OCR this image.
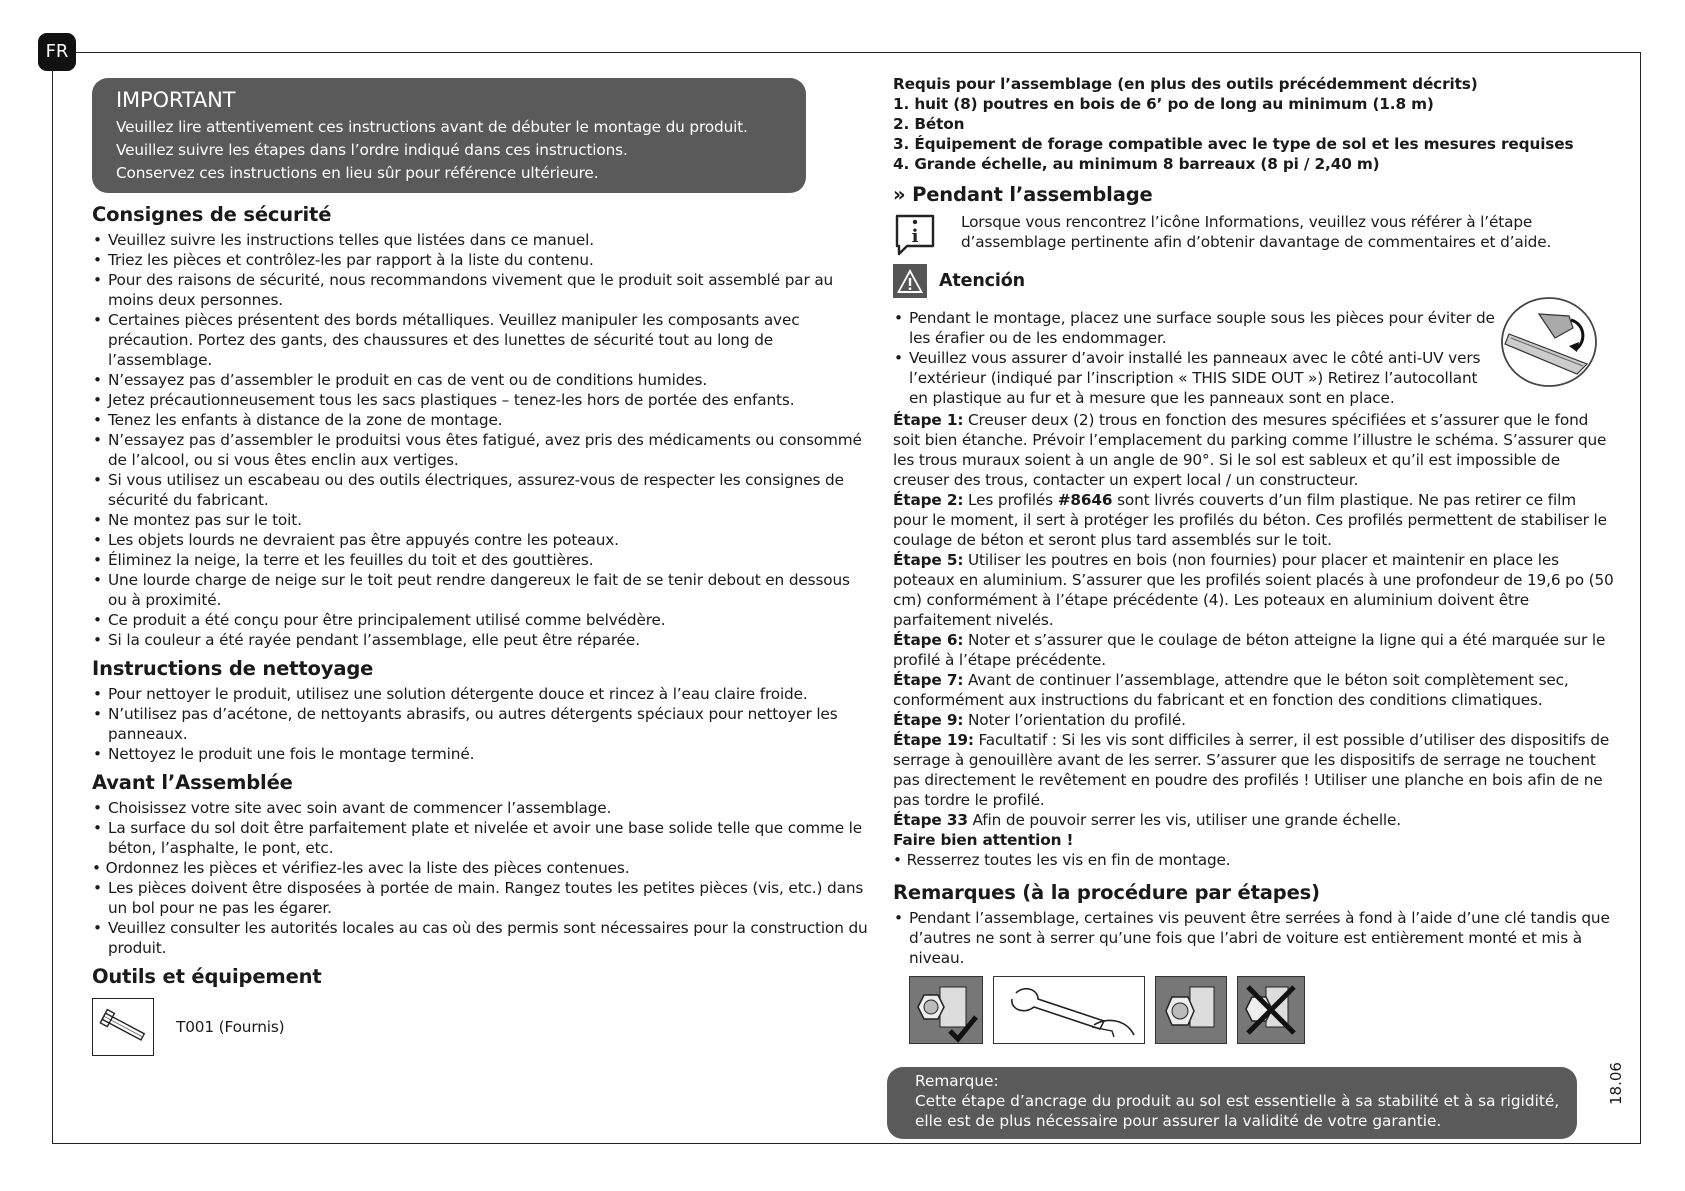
FR
IMPORTANT
Veuillez lire attentivement ces instructions avant de débuter le montage du produit.
Veuillez suivre les étapes dans l’ordre indiqué dans ces instructions.
Conservez ces instructions en lieu sûr pour référence ultérieure.
Consignes de sécurité
• Veuillez suivre les instructions telles que listées dans ce manuel.
• Triez les pièces et contrôlez-les par rapport à la liste du contenu.
• Pour des raisons de sécurité, nous recommandons vivement que le produit soit assemblé par au moins deux personnes.
• Certaines pièces présentent des bords métalliques. Veuillez manipuler les composants avec précaution. Portez des gants, des chaussures et des lunettes de sécurité tout au long de l’assemblage.
• N’essayez pas d’assembler le produit en cas de vent ou de conditions humides.
• Jetez précautionneusement tous les sacs plastiques – tenez-les hors de portée des enfants.
• Tenez les enfants à distance de la zone de montage.
• N’essayez pas d’assembler le produitsi vous êtes fatigué, avez pris des médicaments ou consommé de l’alcool, ou si vous êtes enclin aux vertiges.
• Si vous utilisez un escabeau ou des outils électriques, assurez-vous de respecter les consignes de sécurité du fabricant.
• Ne montez pas sur le toit.
• Les objets lourds ne devraient pas être appuyés contre les poteaux.
• Éliminez la neige, la terre et les feuilles du toit et des gouttières.
• Une lourde charge de neige sur le toit peut rendre dangereux le fait de se tenir debout en dessous ou à proximité.
• Ce produit a été conçu pour être principalement utilisé comme belvédère.
• Si la couleur a été rayée pendant l’assemblage, elle peut être réparée.
Instructions de nettoyage
• Pour nettoyer le produit, utilisez une solution détergente douce et rincez à l’eau claire froide.
• N’utilisez pas d’acétone, de nettoyants abrasifs, ou autres détergents spéciaux pour nettoyer les panneaux.
• Nettoyez le produit une fois le montage terminé.
Avant l’Assemblée
• Choisissez votre site avec soin avant de commencer l’assemblage.
• La surface du sol doit être parfaitement plate et nivelée et avoir une base solide telle que comme le béton, l’asphalte, le pont, etc.
• Ordonnez les pièces et vérifiez-les avec la liste des pièces contenues.
• Les pièces doivent être disposées à portée de main. Rangez toutes les petites pièces (vis, etc.) dans un bol pour ne pas les égarer.
• Veuillez consulter les autorités locales au cas où des permis sont nécessaires pour la construction du produit.
Outils et équipement
T001 (Fournis)

Requis pour l’assemblage (en plus des outils précédemment décrits)

1. huit (8) poutres en bois de 6’ po de long au minimum (1.8 m)

2. Béton

3. Équipement de forage compatible avec le type de sol et les mesures requises

4. Grande échelle, au minimum 8 barreaux (8 pi / 2,40 m)

» Pendant l’assemblage
i
Lorsque vous rencontrez l’icône Informations, veuillez vous référer à l’étape d’assemblage pertinente afin d’obtenir davantage de commentaires et d’aide.
Atención
• Pendant le montage, placez une surface souple sous les pièces pour éviter de les érafier ou de les endommager.
• Veuillez vous assurer d’avoir installé les panneaux avec le côté anti-UV vers l’extérieur (indiqué par l’inscription « THIS SIDE OUT ») Retirez l’autocollant en plastique au fur et à mesure que les panneaux sont en place.

Étape 1: Creuser deux (2) trous en fonction des mesures spécifiées et s’assurer que le fond soit bien étanche. Prévoir l’emplacement du parking comme l’illustre le schéma. S’assurer que les trous muraux soient à un angle de 90°. Si le sol est sableux et qu’il est impossible de creuser des trous, contacter un expert local / un constructeur.

Étape 2: Les profilés #8646 sont livrés couverts d’un film plastique. Ne pas retirer ce film pour le moment, il sert à protéger les profilés du béton. Ces profilés permettent de stabiliser le coulage de béton et seront plus tard assemblés sur le toit.

Étape 5: Utiliser les poutres en bois (non fournies) pour placer et maintenir en place les poteaux en aluminium. S’assurer que les profilés soient placés à une profondeur de 19,6 po (50 cm) conformément à l’étape précédente (4). Les poteaux en aluminium doivent être parfaitement nivelés.

Étape 6: Noter et s’assurer que le coulage de béton atteigne la ligne qui a été marquée sur le profilé à l’étape précédente.

Étape 7: Avant de continuer l’assemblage, attendre que le béton soit complètement sec, conformément aux instructions du fabricant et en fonction des conditions climatiques.

Étape 9: Noter l’orientation du profilé.

Étape 19: Facultatif : Si les vis sont difficiles à serrer, il est possible d’utiliser des dispositifs de serrage à genouillère avant de les serrer. S’assurer que les dispositifs de serrage ne touchent pas directement le revêtement en poudre des profilés ! Utiliser une planche en bois afin de ne pas tordre le profilé.

Étape 33 Afin de pouvoir serrer les vis, utiliser une grande échelle.

Faire bien attention !

• Resserrez toutes les vis en fin de montage.

Remarques (à la procédure par étapes)
• Pendant l’assemblage, certaines vis peuvent être serrées à fond à l’aide d’une clé tandis que d’autres ne sont à serrer qu’une fois que l’abri de voiture est entièrement monté et mis à niveau.
Remarque:
Cette étape d’ancrage du produit au sol est essentielle à sa stabilité et à sa rigidité, elle est de plus nécessaire pour assurer la validité de votre garantie.
18.06
